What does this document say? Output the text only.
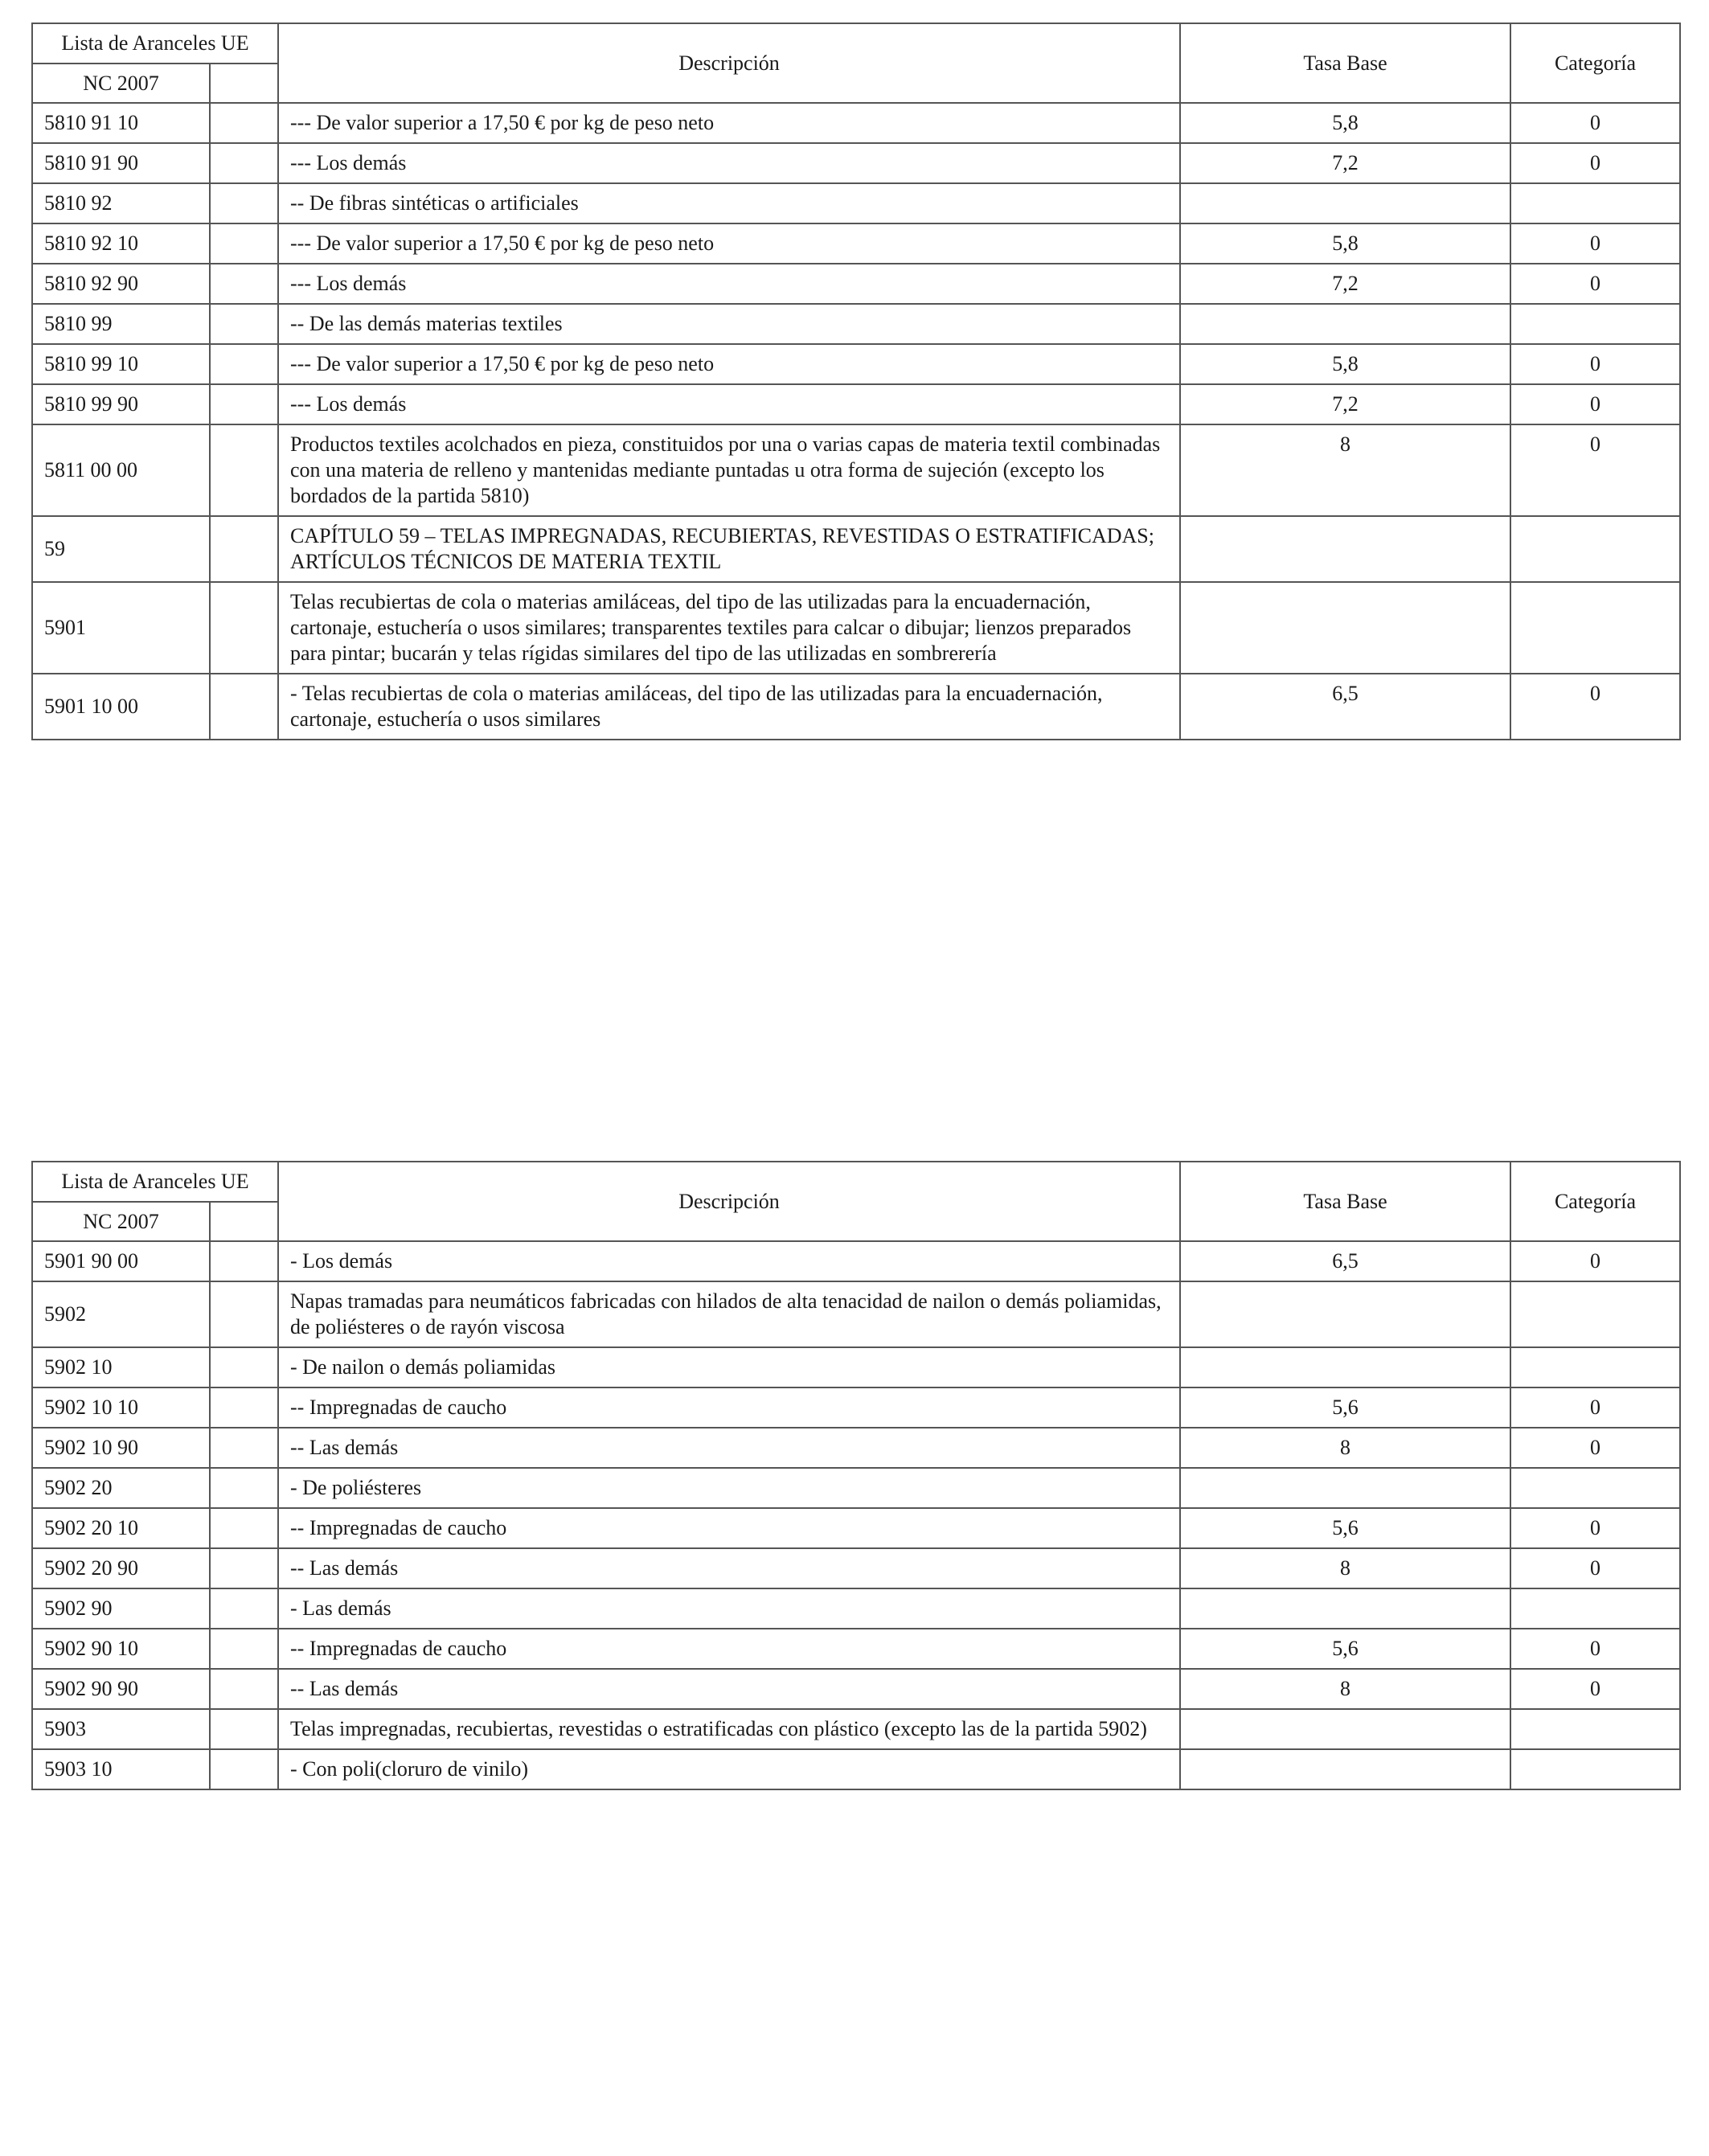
Lista de Aranceles UE		Descripción	Tasa Base	Categoría
NC 2007				
5810 91 10		--- De valor superior a 17,50 € por kg de peso neto	5,8	0
5810 91 90		--- Los demás	7,2	0
5810 92		-- De fibras sintéticas o artificiales		
5810 92 10		--- De valor superior a 17,50 € por kg de peso neto	5,8	0
5810 92 90		--- Los demás	7,2	0
5810 99		-- De las demás materias textiles		
5810 99 10		--- De valor superior a 17,50 € por kg de peso neto	5,8	0
5810 99 90		--- Los demás	7,2	0
5811 00 00		Productos textiles acolchados en pieza, constituidos por una o varias capas de materia textil combinadas con una materia de relleno y mantenidas mediante puntadas u otra forma de sujeción (excepto los bordados de la partida 5810)	8	0
59		CAPÍTULO 59 – TELAS IMPREGNADAS, RECUBIERTAS, REVESTIDAS O ESTRATIFICADAS; ARTÍCULOS TÉCNICOS DE MATERIA TEXTIL		
5901		Telas recubiertas de cola o materias amiláceas, del tipo de las utilizadas para la encuadernación, cartonaje, estuchería o usos similares; transparentes textiles para calcar o dibujar; lienzos preparados para pintar; bucarán y telas rígidas similares del tipo de las utilizadas en sombrerería		
5901 10 00		- Telas recubiertas de cola o materias amiláceas, del tipo de las utilizadas para la encuadernación, cartonaje, estuchería o usos similares	6,5	0
Lista de Aranceles UE		Descripción	Tasa Base	Categoría
NC 2007				
5901 90 00		- Los demás	6,5	0
5902		Napas tramadas para neumáticos fabricadas con hilados de alta tenacidad de nailon o demás poliamidas, de poliésteres o de rayón viscosa		
5902 10		- De nailon o demás poliamidas		
5902 10 10		-- Impregnadas de caucho	5,6	0
5902 10 90		-- Las demás	8	0
5902 20		- De poliésteres		
5902 20 10		-- Impregnadas de caucho	5,6	0
5902 20 90		-- Las demás	8	0
5902 90		- Las demás		
5902 90 10		-- Impregnadas de caucho	5,6	0
5902 90 90		-- Las demás	8	0
5903		Telas impregnadas, recubiertas, revestidas o estratificadas con plástico (excepto las de la partida 5902)		
5903 10		- Con poli(cloruro de vinilo)		
